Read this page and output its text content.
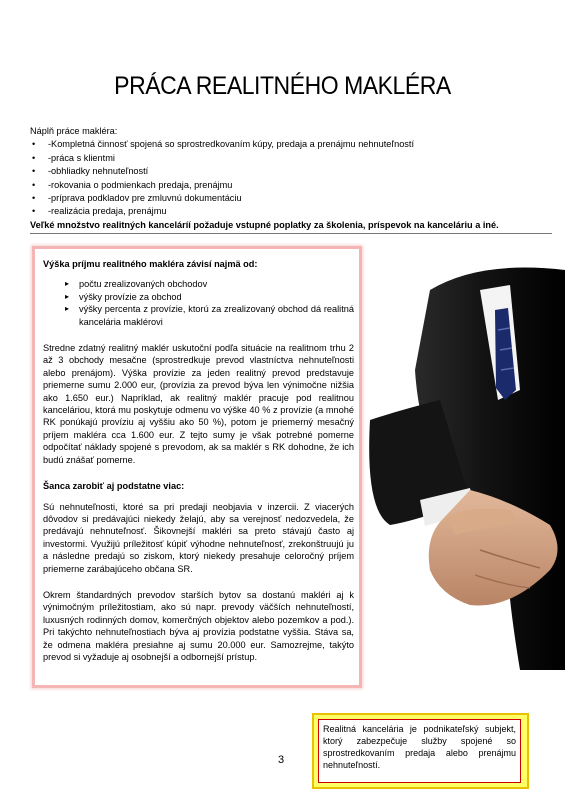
PRÁCA REALITNÉHO MAKLÉRA
Náplň práce makléra:
• -Kompletná činnosť spojená so sprostredkovaním kúpy, predaja a prenájmu nehnuteľností
• -práca s klientmi
• -obhliadky nehnuteľností
• -rokovania o podmienkach predaja, prenájmu
• -príprava podkladov pre zmluvnú dokumentáciu
• -realizácia predaja, prenájmu
Veľké množstvo realitných kanceláríí požaduje vstupné poplatky za školenia, príspevok na kanceláriu a iné.
Výška príjmu realitného makléra závisí najmä od:
▸ počtu zrealizovaných obchodov
▸ výšky provízie za obchod
▸ výšky percenta z provízie, ktorú za zrealizovaný obchod dá realitná kancelária maklérovi

Stredne zdatný realitný maklér uskutoční podľa situácie na realitnom trhu 2 až 3 obchody mesačne (sprostredkuje prevod vlastníctva nehnuteľnosti alebo prenájom). Výška provízie za jeden realitný prevod predstavuje priemerne sumu 2.000 eur, (provízia za prevod býva len výnimočne nižšia ako 1.650 eur.) Napríklad, ak realitný maklér pracuje pod realitnou kanceláriou, ktorá mu poskytuje odmenu vo výške 40 % z provízie (a mnohé RK ponúkajú províziu aj vyššiu ako 50 %), potom je priemerný mesačný príjem makléra cca 1.600 eur. Z tejto sumy je však potrebné pomerne odpočítať náklady spojené s prevodom, ak sa maklér s RK dohodne, že ich budú znášať pomerne.

Šanca zarobiť aj podstatne viac:

Sú nehnuteľnosti, ktoré sa pri predaji neobjavia v inzercii. Z viacerých dôvodov si predávajúci niekedy želajú, aby sa verejnosť nedozvedela, že predávajú nehnuteľnosť. Šikovnejší makléri sa preto stávajú často aj investormi. Využijú príležitosť kúpiť výhodne nehnuteľnosť, zrekonštruujú ju a následne predajú so ziskom, ktorý niekedy presahuje celoročný príjem priemerne zarábajúceho občana SR.

Okrem štandardných prevodov starších bytov sa dostanú makléri aj k výnimočným príležitostiam, ako sú napr. prevody väčších nehnuteľností, luxusných rodinných domov, komerčných objektov alebo pozemkov a pod.). Pri takýchto nehnuteľnostiach býva aj provízia podstatne vyššia. Stáva sa, že odmena makléra presiahne aj sumu 20.000 eur. Samozrejme, takýto prevod si vyžaduje aj osobnejší a odbornejší prístup.

3
Realitná kancelária je podnikateľský subjekt, ktorý zabezpečuje služby spojené so sprostredkovaním predaja alebo prenájmu nehnuteľností.
